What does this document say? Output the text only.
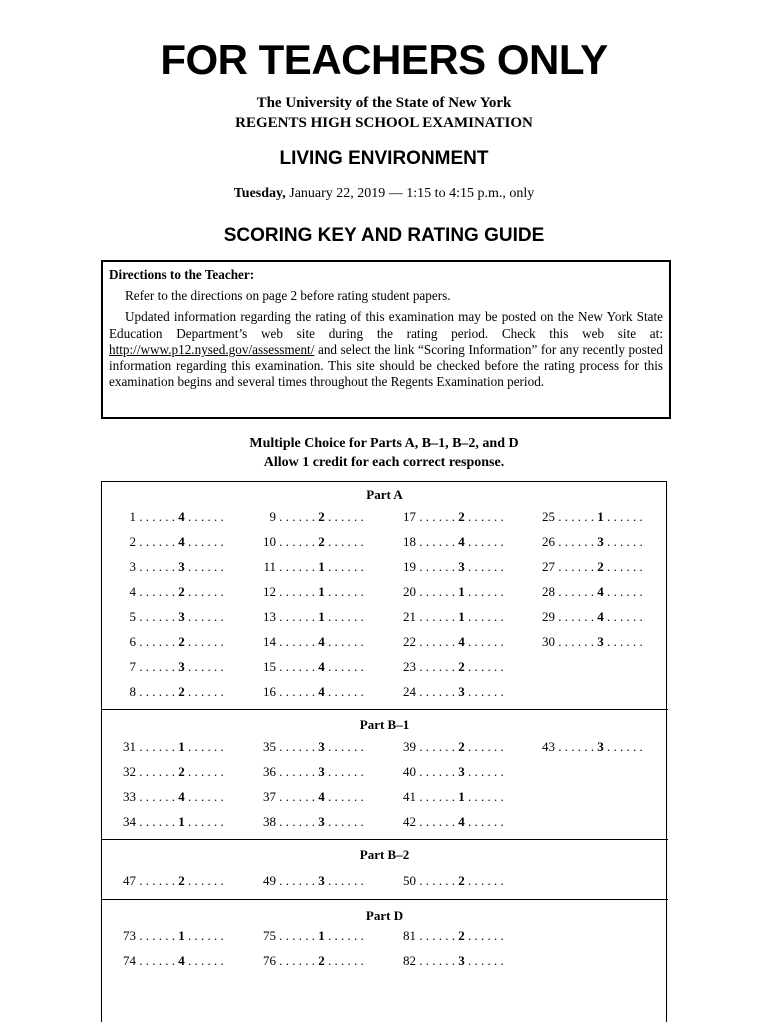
FOR TEACHERS ONLY
The University of the State of New York
REGENTS HIGH SCHOOL EXAMINATION
LIVING ENVIRONMENT
Tuesday, January 22, 2019 — 1:15 to 4:15 p.m., only
SCORING KEY AND RATING GUIDE

Directions to the Teacher:

Refer to the directions on page 2 before rating student papers.

Updated information regarding the rating of this examination may be posted on the New York State Education Department’s web site during the rating period. Check this web site at: http://www.p12.nysed.gov/assessment/ and select the link “Scoring Information” for any recently posted information regarding this examination. This site should be checked before the rating process for this examination begins and several times throughout the Regents Examination period.

Multiple Choice for Parts A, B–1, B–2, and D
Allow 1 credit for each correct response.
Part A
1 . . . . . . 4 . . . . . .
2 . . . . . . 4 . . . . . .
3 . . . . . . 3 . . . . . .
4 . . . . . . 2 . . . . . .
5 . . . . . . 3 . . . . . .
6 . . . . . . 2 . . . . . .
7 . . . . . . 3 . . . . . .
8 . . . . . . 2 . . . . . .
9 . . . . . . 2 . . . . . .
10 . . . . . . 2 . . . . . .
11 . . . . . . 1 . . . . . .
12 . . . . . . 1 . . . . . .
13 . . . . . . 1 . . . . . .
14 . . . . . . 4 . . . . . .
15 . . . . . . 4 . . . . . .
16 . . . . . . 4 . . . . . .
17 . . . . . . 2 . . . . . .
18 . . . . . . 4 . . . . . .
19 . . . . . . 3 . . . . . .
20 . . . . . . 1 . . . . . .
21 . . . . . . 1 . . . . . .
22 . . . . . . 4 . . . . . .
23 . . . . . . 2 . . . . . .
24 . . . . . . 3 . . . . . .
25 . . . . . . 1 . . . . . .
26 . . . . . . 3 . . . . . .
27 . . . . . . 2 . . . . . .
28 . . . . . . 4 . . . . . .
29 . . . . . . 4 . . . . . .
30 . . . . . . 3 . . . . . .
Part B–1
31 . . . . . . 1 . . . . . .
32 . . . . . . 2 . . . . . .
33 . . . . . . 4 . . . . . .
34 . . . . . . 1 . . . . . .
35 . . . . . . 3 . . . . . .
36 . . . . . . 3 . . . . . .
37 . . . . . . 4 . . . . . .
38 . . . . . . 3 . . . . . .
39 . . . . . . 2 . . . . . .
40 . . . . . . 3 . . . . . .
41 . . . . . . 1 . . . . . .
42 . . . . . . 4 . . . . . .
43 . . . . . . 3 . . . . . .
Part B–2
47 . . . . . . 2 . . . . . .	49 . . . . . . 3 . . . . . .	50 . . . . . . 2 . . . . . .
Part D
73 . . . . . . 1 . . . . . .
74 . . . . . . 4 . . . . . .
75 . . . . . . 1 . . . . . .
76 . . . . . . 2 . . . . . .
81 . . . . . . 2 . . . . . .
82 . . . . . . 3 . . . . . .
